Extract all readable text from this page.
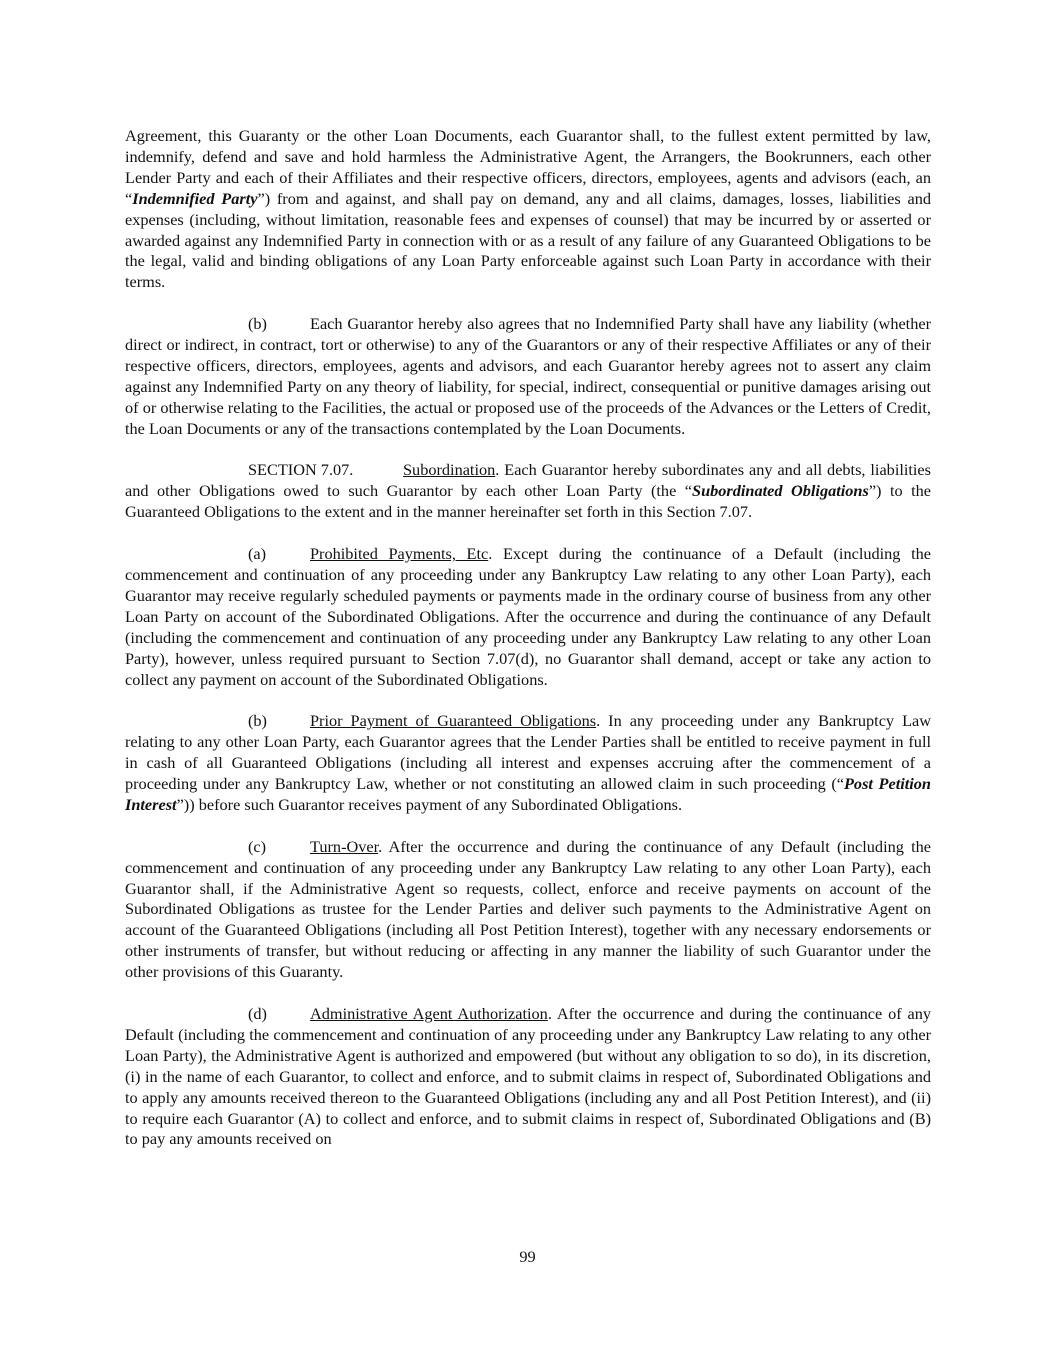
Agreement, this Guaranty or the other Loan Documents, each Guarantor shall, to the fullest extent permitted by law, indemnify, defend and save and hold harmless the Administrative Agent, the Arrangers, the Bookrunners, each other Lender Party and each of their Affiliates and their respective officers, directors, employees, agents and advisors (each, an “Indemnified Party”) from and against, and shall pay on demand, any and all claims, damages, losses, liabilities and expenses (including, without limitation, reasonable fees and expenses of counsel) that may be incurred by or asserted or awarded against any Indemnified Party in connection with or as a result of any failure of any Guaranteed Obligations to be the legal, valid and binding obligations of any Loan Party enforceable against such Loan Party in accordance with their terms.

(b)	Each Guarantor hereby also agrees that no Indemnified Party shall have any liability (whether direct or indirect, in contract, tort or otherwise) to any of the Guarantors or any of their respective Affiliates or any of their respective officers, directors, employees, agents and advisors, and each Guarantor hereby agrees not to assert any claim against any Indemnified Party on any theory of liability, for special, indirect, consequential or punitive damages arising out of or otherwise relating to the Facilities, the actual or proposed use of the proceeds of the Advances or the Letters of Credit, the Loan Documents or any of the transactions contemplated by the Loan Documents.

SECTION 7.07.	Subordination. Each Guarantor hereby subordinates any and all debts, liabilities and other Obligations owed to such Guarantor by each other Loan Party (the “Subordinated Obligations”) to the Guaranteed Obligations to the extent and in the manner hereinafter set forth in this Section 7.07.

(a)	Prohibited Payments, Etc. Except during the continuance of a Default (including the commencement and continuation of any proceeding under any Bankruptcy Law relating to any other Loan Party), each Guarantor may receive regularly scheduled payments or payments made in the ordinary course of business from any other Loan Party on account of the Subordinated Obligations. After the occurrence and during the continuance of any Default (including the commencement and continuation of any proceeding under any Bankruptcy Law relating to any other Loan Party), however, unless required pursuant to Section 7.07(d), no Guarantor shall demand, accept or take any action to collect any payment on account of the Subordinated Obligations.

(b)	Prior Payment of Guaranteed Obligations. In any proceeding under any Bankruptcy Law relating to any other Loan Party, each Guarantor agrees that the Lender Parties shall be entitled to receive payment in full in cash of all Guaranteed Obligations (including all interest and expenses accruing after the commencement of a proceeding under any Bankruptcy Law, whether or not constituting an allowed claim in such proceeding (“Post Petition Interest”)) before such Guarantor receives payment of any Subordinated Obligations.

(c)	Turn-Over. After the occurrence and during the continuance of any Default (including the commencement and continuation of any proceeding under any Bankruptcy Law relating to any other Loan Party), each Guarantor shall, if the Administrative Agent so requests, collect, enforce and receive payments on account of the Subordinated Obligations as trustee for the Lender Parties and deliver such payments to the Administrative Agent on account of the Guaranteed Obligations (including all Post Petition Interest), together with any necessary endorsements or other instruments of transfer, but without reducing or affecting in any manner the liability of such Guarantor under the other provisions of this Guaranty.

(d)	Administrative Agent Authorization. After the occurrence and during the continuance of any Default (including the commencement and continuation of any proceeding under any Bankruptcy Law relating to any other Loan Party), the Administrative Agent is authorized and empowered (but without any obligation to so do), in its discretion, (i) in the name of each Guarantor, to collect and enforce, and to submit claims in respect of, Subordinated Obligations and to apply any amounts received thereon to the Guaranteed Obligations (including any and all Post Petition Interest), and (ii) to require each Guarantor (A) to collect and enforce, and to submit claims in respect of, Subordinated Obligations and (B) to pay any amounts received on

99
